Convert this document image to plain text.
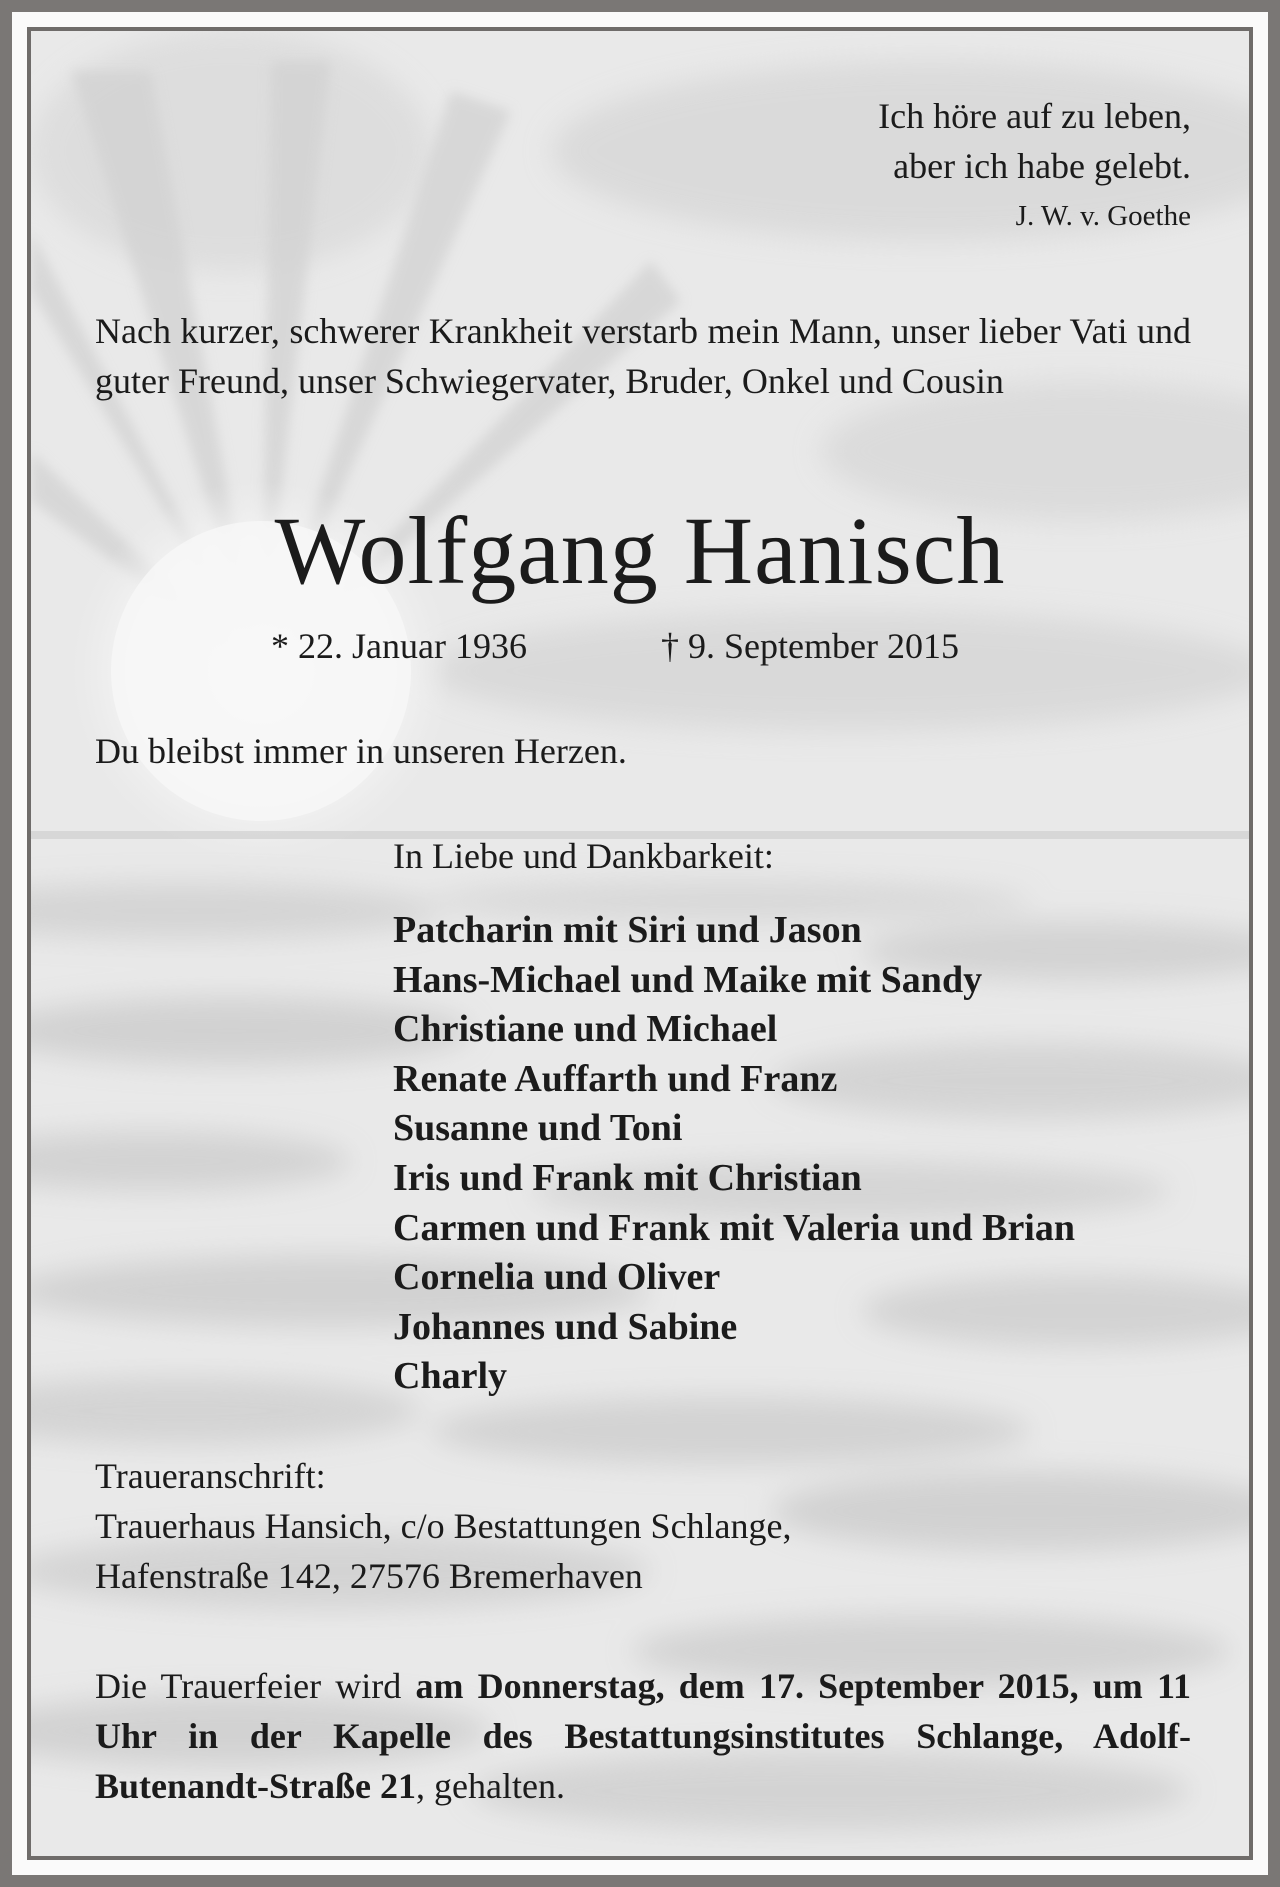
Ich höre auf zu leben,
aber ich habe gelebt.
J. W. v. Goethe
Nach kurzer, schwerer Krankheit verstarb mein Mann, unser lieber Vati und guter Freund, unser Schwiegervater, Bruder, Onkel und Cousin
Wolfgang Hanisch
* 22. Januar 1936	† 9. September 2015
Du bleibst immer in unseren Herzen.
In Liebe und Dankbarkeit:
Patcharin mit Siri und Jason
Hans-Michael und Maike mit Sandy
Christiane und Michael
Renate Auffarth und Franz
Susanne und Toni
Iris und Frank mit Christian
Carmen und Frank mit Valeria und Brian
Cornelia und Oliver
Johannes und Sabine
Charly
Traueranschrift:
Trauerhaus Hansich, c/o Bestattungen Schlange,
Hafenstraße 142, 27576 Bremerhaven
Die Trauerfeier wird am Donnerstag, dem 17. September 2015, um 11 Uhr in der Kapelle des Bestattungsinstitutes Schlange, Adolf-Butenandt-Straße 21, gehalten.
